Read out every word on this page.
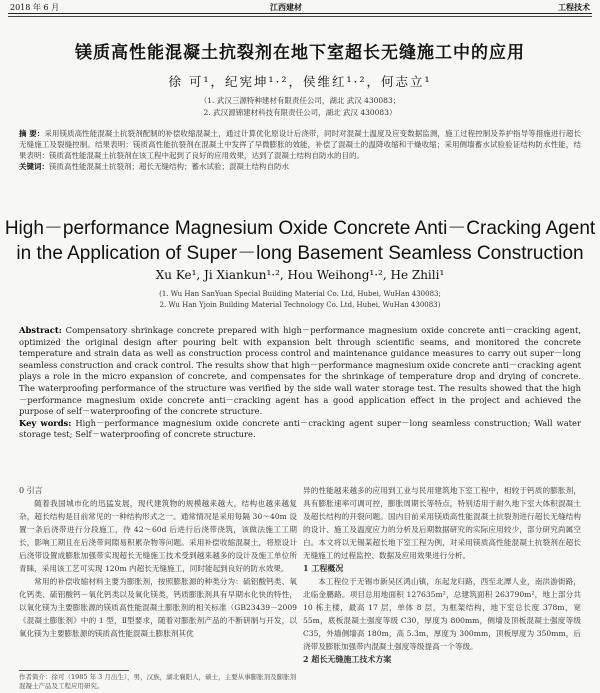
2018 年 6 月	江西建材	工程技术
镁质高性能混凝土抗裂剂在地下室超长无缝施工中的应用
徐 可¹，纪宪坤¹·²，侯维红¹·²，何志立¹
（1. 武汉三源特种建材有限责任公司，湖北 武汉 430083；
2. 武汉源锦建材科技有限责任公司，湖北 武汉 430083）
摘 要：采用镁质高性能混凝土抗裂剂配制的补偿收缩混凝土，通过计算优化原设计后浇带，同时对混凝土温度及应变数据监测，施工过程控制及养护指导等措施进行超长无缝施工及裂缝控制。结果表明：镁质高性能抗裂剂在混凝土中发挥了早微膨胀的效能，补偿了混凝土的温降收缩和干燥收缩；采用侧墙蓄水试验验证结构防水性能，结果表明：镁质高性能混凝土抗裂剂在该工程中起到了良好的应用效果，达到了混凝土结构自防水的目的。
关键词：镁质高性能混凝土抗裂剂；超长无缝结构；蓄水试验；混凝土结构自防水
High－performance Magnesium Oxide Concrete Anti－Cracking Agent
in the Application of Super－long Basement Seamless Construction
Xu Ke¹, Ji Xiankun¹·², Hou Weihong¹·², He Zhili¹
(1. Wu Han SanYuan Special Building Material Co. Ltd, Hubei, WuHan 430083;
2. Wu Han Yjoin Building Material Technology Co. Ltd, Hubei, WuHan 430083)
Abstract: Compensatory shrinkage concrete prepared with high－performance magnesium oxide concrete anti－cracking agent, optimized the original design after pouring belt with expansion belt through scientific seams, and monitored the concrete temperature and strain data as well as construction process control and maintenance guidance measures to carry out super－long seamless construction and crack control. The results show that high－performance magnesium oxide concrete anti－cracking agent plays a role in the micro expansion of concrete, and compensates for the shrinkage of temperature drop and drying of concrete. The waterproofing performance of the structure was verified by the side wall water storage test. The results showed that the high－performance magnesium oxide concrete anti－cracking agent has a good application effect in the project and achieved the purpose of self－waterproofing of the concrete structure.
Key words: High－performance magnesium oxide concrete anti－cracking agent super－long seamless construction; Wall water storage test; Self－waterproofing of concrete structure.
0 引言

随着我国城市化的迅猛发展，现代建筑物的规模越来越大，结构也越来越复杂，超长结构是目前常见的一种结构形式之一。通常情况是采用每隔 30～40m 设置一条后浇带进行分段施工，待 42～60d 后进行后浇带浇筑，该做法施工工期长，影响工期且在后浇带间隙易积累杂物等问题。采用补偿收缩混凝土，将原设计后浇带设置成膨胀加强带实现超长无缝施工技术受到越来越多的设计及施工单位所青睐，采用该工艺可实现 120m 内超长无缝施工，同时能起到良好的防水效果。

常用的补偿收缩材料主要为膨胀剂，按照膨胀源的种类分为：硫铝酸钙类、氧化钙类、硫铝酸钙－氧化钙类以及氧化镁类，钙质膨胀剂具有早期水化快的特性，以氧化镁为主要膨胀源的镁质高性能混凝土膨胀剂的相关标准（GB23439－2009《混凝土膨胀剂》中的 1 型，Ⅱ型要求，随着对膨胀剂产品的不断研制与开发，以氧化镁为主要膨胀源的镁质高性能混凝土膨胀剂其优

异的性能越来越多的应用到工业与民用建筑地下室工程中，相较于钙质的膨胀剂，具有膨胀速率可调可控，膨胀周期长等特点，特别适用于耐久地下室大体积混凝土及超长结构的开裂问题。国内目前采用镁质高性能混凝土抗裂剂进行超长无缝结构的设计、施工及温度应力的分析及后期数据研究的实际应用较少，部分研究尚属空白。本文将以无锡某超长地下室工程为例，对采用镁质高性能混凝土抗裂剂在超长无缝施工的过程监控、数据及应用效果进行分析。

1 工程概况

本工程位于无锡市新吴区鸿山镇，东起龙归路，西至北潭人业，南洪游街路，北临金鹏路。项目总用地面积 127635m²，总建筑面积 263790m²，地上部分共 10 栋主楼，最高 17 层，单体 8 层，为框架结构，地下室总长度 378m，宽 55m，底板混凝土强度等级 C30，厚度为 800mm，侧墙及顶板混凝土强度等级 C35，外墙侧墙高 180m，高 5.3m，厚度为 300mm，顶板厚度为 350mm，后浇带及膨胀加强带内混凝土强度等级提高一个等级。

2 超长无缝施工技术方案
作者简介：徐可（1985 年 3 月出生），男，汉族，湖北襄阳人，硕士，主要从事膨胀剂及膨胀剂混凝土产品及工程应用研究。
